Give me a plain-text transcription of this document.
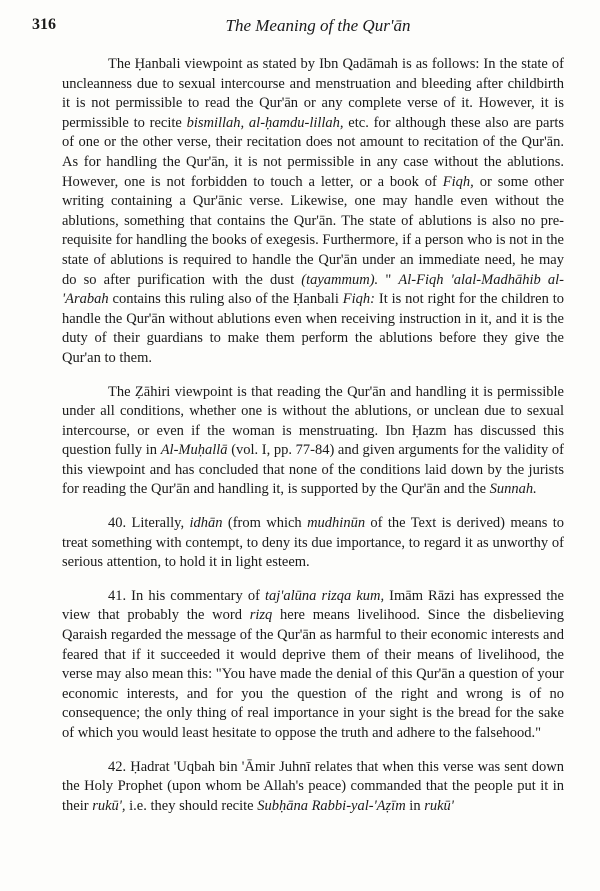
316	The Meaning of the Qur'ān

The Ḥanbali viewpoint as stated by Ibn Qadāmah is as follows: In the state of uncleanness due to sexual intercourse and menstruation and bleeding after childbirth it is not permissible to read the Qur'ān or any complete verse of it. However, it is permissible to recite bismillah, al-ḥamdu-lillah, etc. for although these also are parts of one or the other verse, their recitation does not amount to recitation of the Qur'ān. As for handling the Qur'ān, it is not permissible in any case without the ablutions. However, one is not forbidden to touch a letter, or a book of Fiqh, or some other writing containing a Qur'ānic verse. Likewise, one may handle even without the ablutions, something that contains the Qur'ān. The state of ablutions is also no pre-requisite for handling the books of exegesis. Furthermore, if a person who is not in the state of ablutions is required to handle the Qur'ān under an immediate need, he may do so after purification with the dust (tayammum). " Al-Fiqh 'alal-Madhāhib al-'Arabah contains this ruling also of the Ḥanbali Fiqh: It is not right for the children to handle the Qur'ān without ablutions even when receiving instruction in it, and it is the duty of their guardians to make them perform the ablutions before they give the Qur'an to them.

The Ẓāhiri viewpoint is that reading the Qur'ān and handling it is permissible under all conditions, whether one is without the ablutions, or unclean due to sexual intercourse, or even if the woman is menstruating. Ibn Ḥazm has discussed this question fully in Al-Muḥallā (vol. I, pp. 77-84) and given arguments for the validity of this viewpoint and has concluded that none of the conditions laid down by the jurists for reading the Qur'ān and handling it, is supported by the Qur'ān and the Sunnah.

40. Literally, idhān (from which mudhinūn of the Text is derived) means to treat something with contempt, to deny its due importance, to regard it as unworthy of serious attention, to hold it in light esteem.

41. In his commentary of taj'alūna rizqa kum, Imām Rāzi has expressed the view that probably the word rizq here means livelihood. Since the disbelieving Qaraish regarded the message of the Qur'ān as harmful to their economic interests and feared that if it succeeded it would deprive them of their means of livelihood, the verse may also mean this: "You have made the denial of this Qur'ān a question of your economic interests, and for you the question of the right and wrong is of no consequence; the only thing of real importance in your sight is the bread for the sake of which you would least hesitate to oppose the truth and adhere to the falsehood."

42. Ḥadrat 'Uqbah bin 'Āmir Juhnī relates that when this verse was sent down the Holy Prophet (upon whom be Allah's peace) commanded that the people put it in their rukū', i.e. they should recite Subḥāna Rabbi-yal-'Aẓīm in rukū'
